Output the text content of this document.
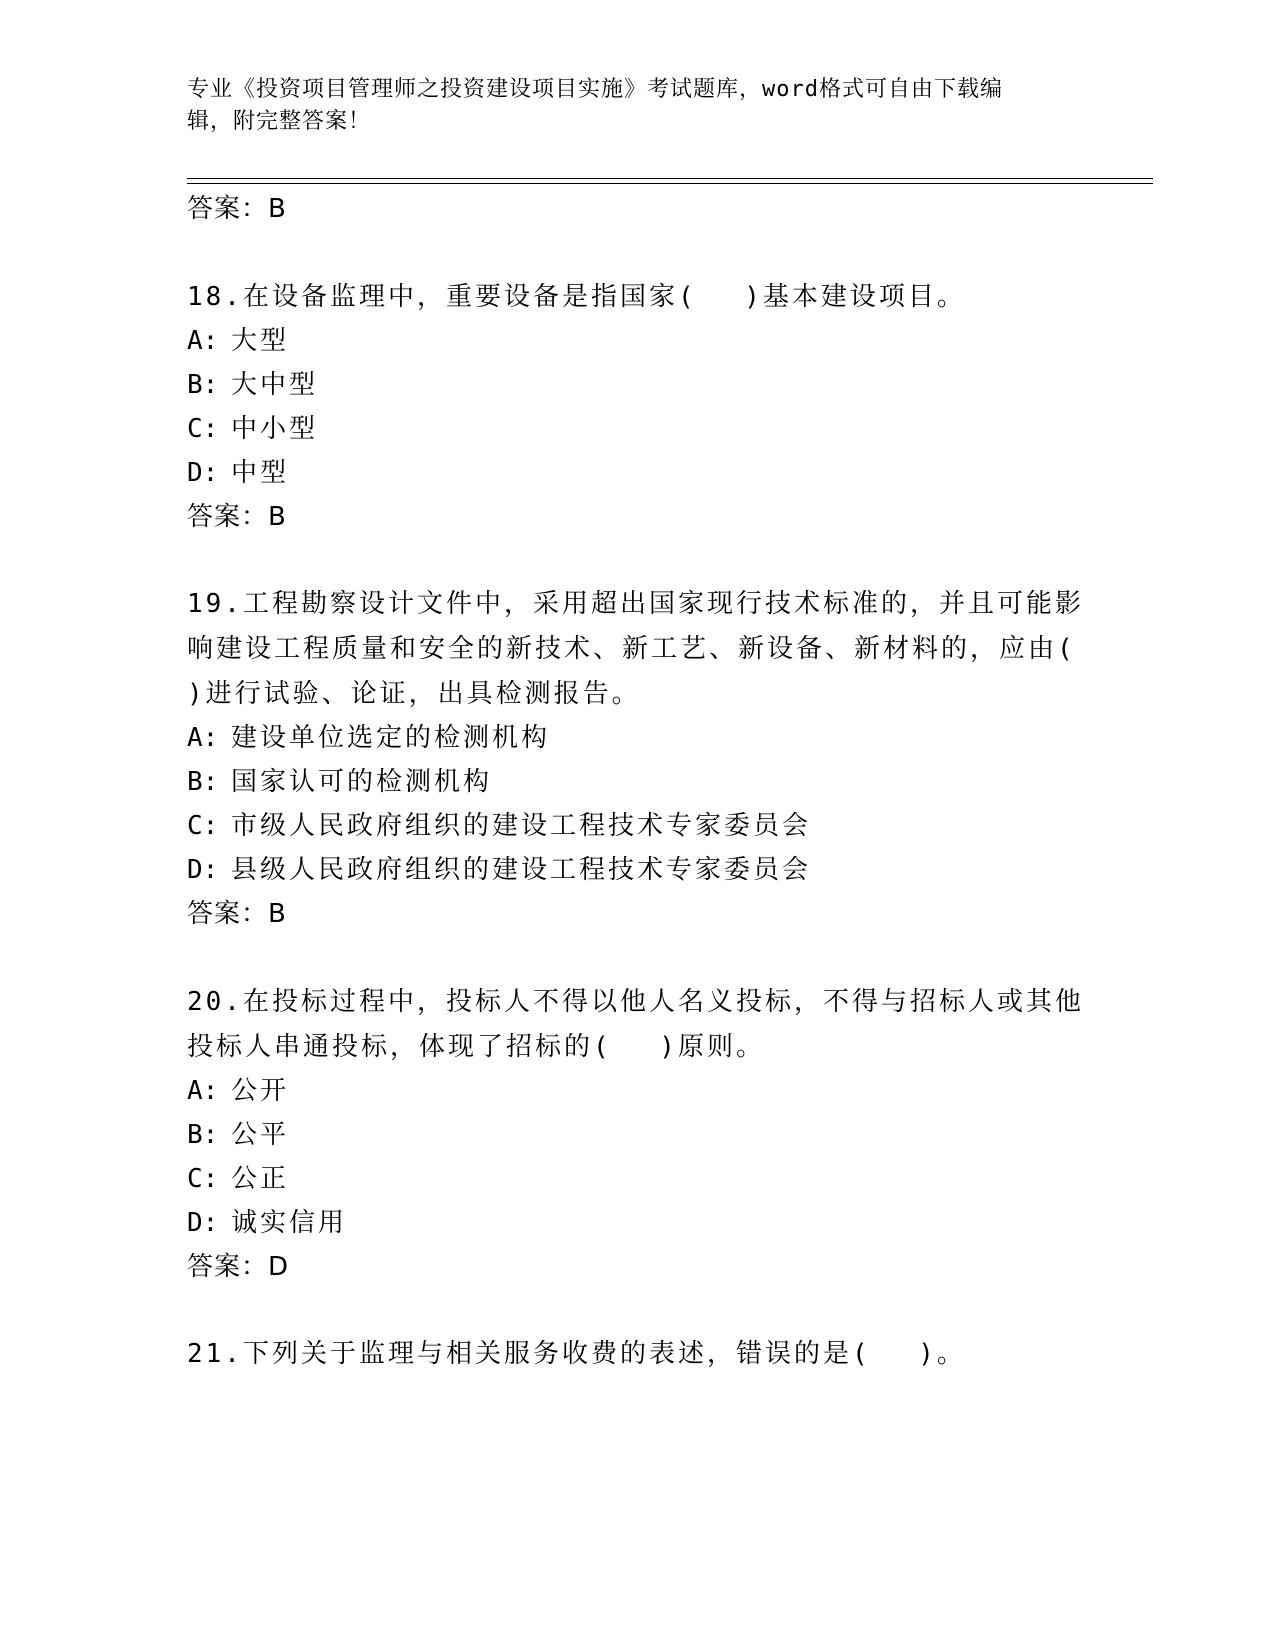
专业《投资项目管理师之投资建设项目实施》考试题库，word格式可自由下载编
辑，附完整答案！
答案：B
18.在设备监理中，重要设备是指国家(　 )基本建设项目。
A: 大型
B: 大中型
C: 中小型
D: 中型
答案：B
19.工程勘察设计文件中，采用超出国家现行技术标准的，并且可能影
响建设工程质量和安全的新技术、新工艺、新设备、新材料的，应由(
)进行试验、论证，出具检测报告。
A: 建设单位选定的检测机构
B: 国家认可的检测机构
C: 市级人民政府组织的建设工程技术专家委员会
D: 县级人民政府组织的建设工程技术专家委员会
答案：B
20.在投标过程中，投标人不得以他人名义投标，不得与招标人或其他
投标人串通投标，体现了招标的(　 )原则。
A: 公开
B: 公平
C: 公正
D: 诚实信用
答案：D
21.下列关于监理与相关服务收费的表述，错误的是(　 )。
